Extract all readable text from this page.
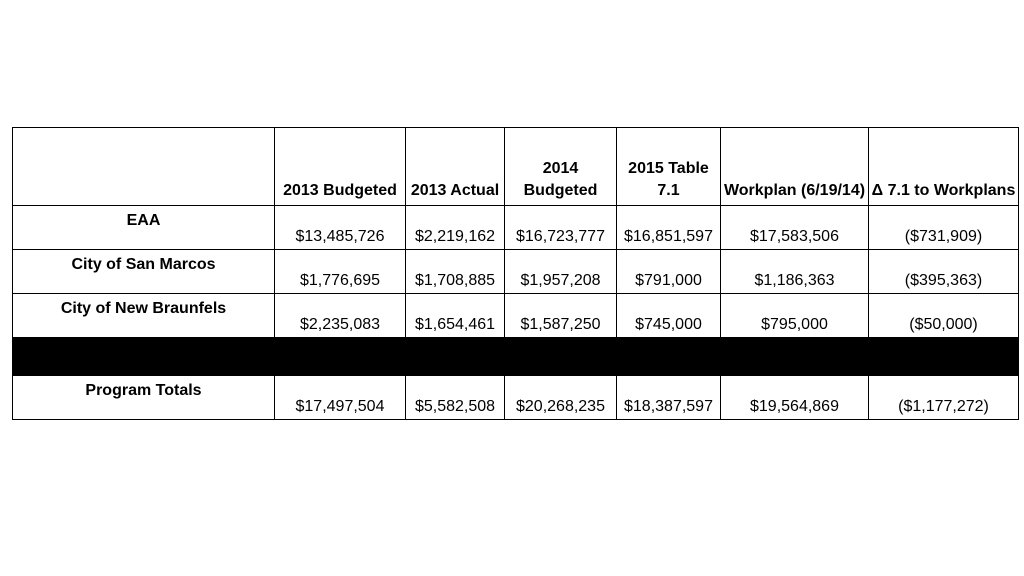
	2013 Budgeted	2013 Actual	2014 Budgeted	2015 Table 7.1	Workplan (6/19/14)	Δ 7.1 to Workplans
EAA	$13,485,726	$2,219,162	$16,723,777	$16,851,597	$17,583,506	($731,909)
City of San Marcos	$1,776,695	$1,708,885	$1,957,208	$791,000	$1,186,363	($395,363)
City of New Braunfels	$2,235,083	$1,654,461	$1,587,250	$745,000	$795,000	($50,000)

Program Totals	$17,497,504	$5,582,508	$20,268,235	$18,387,597	$19,564,869	($1,177,272)
